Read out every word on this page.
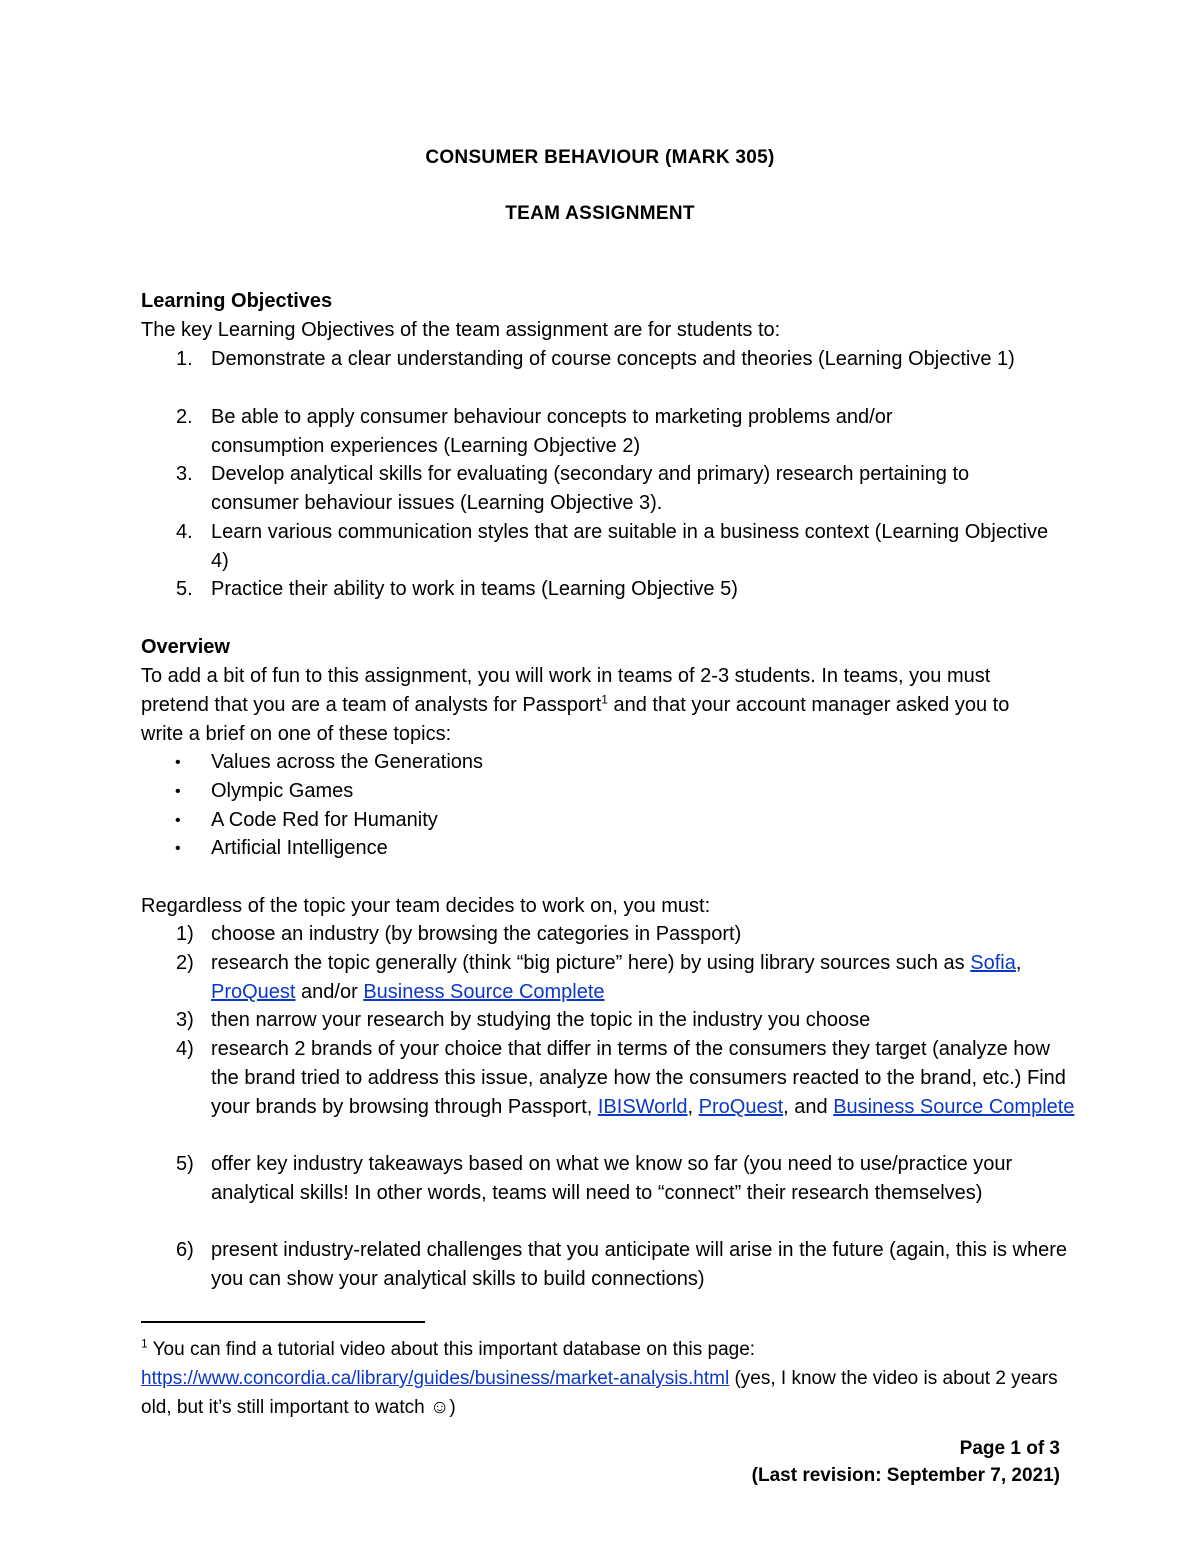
CONSUMER BEHAVIOUR (MARK 305)
TEAM ASSIGNMENT
Learning Objectives
The key Learning Objectives of the team assignment are for students to:
1. Demonstrate a clear understanding of course concepts and theories (Learning Objective 1)
2. Be able to apply consumer behaviour concepts to marketing problems and/or consumption experiences (Learning Objective 2)
3. Develop analytical skills for evaluating (secondary and primary) research pertaining to consumer behaviour issues (Learning Objective 3).
4. Learn various communication styles that are suitable in a business context (Learning Objective 4)
5. Practice their ability to work in teams (Learning Objective 5)
Overview
To add a bit of fun to this assignment, you will work in teams of 2-3 students. In teams, you must pretend that you are a team of analysts for Passport$^1$ and that your account manager asked you to write a brief on one of these topics:
• Values across the Generations
• Olympic Games
• A Code Red for Humanity
• Artificial Intelligence
Regardless of the topic your team decides to work on, you must:
1) choose an industry (by browsing the categories in Passport)
2) research the topic generally (think “big picture” here) by using library sources such as Sofia, ProQuest and/or Business Source Complete
3) then narrow your research by studying the topic in the industry you choose
4) research 2 brands of your choice that differ in terms of the consumers they target (analyze how the brand tried to address this issue, analyze how the consumers reacted to the brand, etc.) Find your brands by browsing through Passport, IBISWorld, ProQuest, and Business Source Complete
5) offer key industry takeaways based on what we know so far (you need to use/practice your analytical skills! In other words, teams will need to “connect” their research themselves)
6) present industry-related challenges that you anticipate will arise in the future (again, this is where you can show your analytical skills to build connections)
$^1$ You can find a tutorial video about this important database on this page: https://www.concordia.ca/library/guides/business/market-analysis.html (yes, I know the video is about 2 years old, but it’s still important to watch ☺)
Page 1 of 3
(Last revision: September 7, 2021)
